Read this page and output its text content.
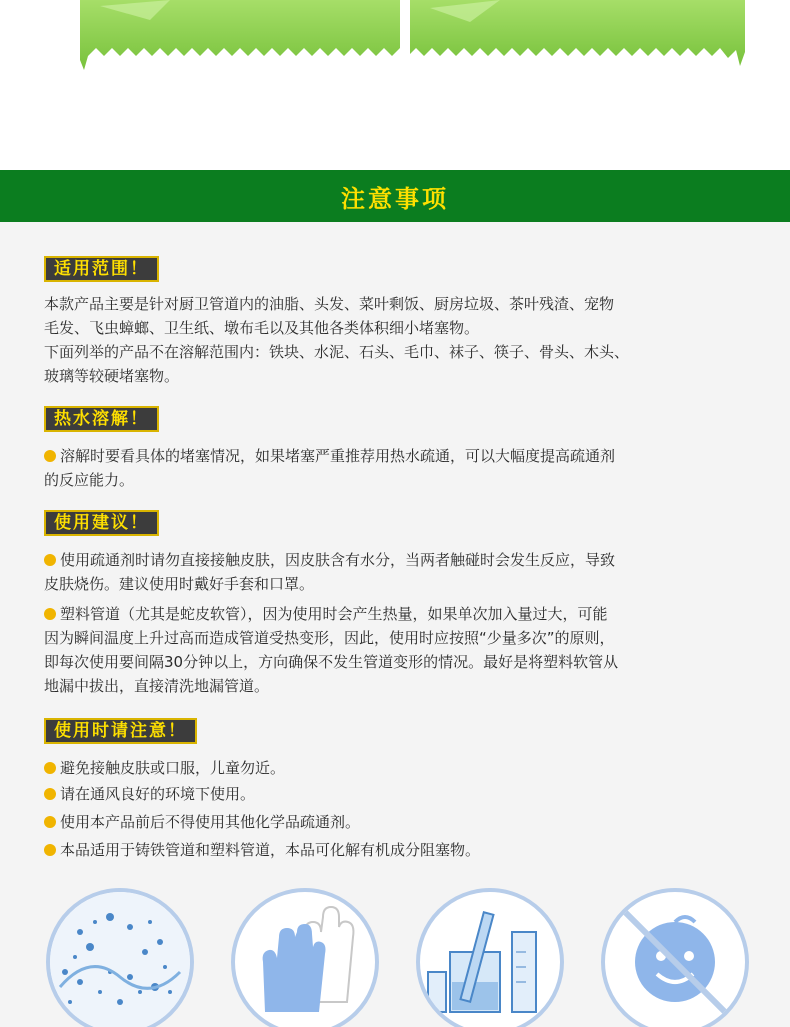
注意事项
适用范围！
本款产品主要是针对厨卫管道内的油脂、头发、菜叶剩饭、厨房垃圾、茶叶残渣、宠物
毛发、飞虫蟑螂、卫生纸、墩布毛以及其他各类体积细小堵塞物。
下面列举的产品不在溶解范围内：铁块、水泥、石头、毛巾、袜子、筷子、骨头、木头、
玻璃等较硬堵塞物。
热水溶解！
溶解时要看具体的堵塞情况，如果堵塞严重推荐用热水疏通，可以大幅度提高疏通剂
的反应能力。
使用建议！
使用疏通剂时请勿直接接触皮肤，因皮肤含有水分，当两者触碰时会发生反应，导致
皮肤烧伤。建议使用时戴好手套和口罩。
塑料管道（尤其是蛇皮软管），因为使用时会产生热量，如果单次加入量过大，可能
因为瞬间温度上升过高而造成管道受热变形，因此，使用时应按照“少量多次”的原则，
即每次使用要间隔30分钟以上，方向确保不发生管道变形的情况。最好是将塑料软管从
地漏中拔出，直接清洗地漏管道。
使用时请注意！
避免接触皮肤或口服，儿童勿近。
请在通风良好的环境下使用。
使用本产品前后不得使用其他化学品疏通剂。
本品适用于铸铁管道和塑料管道，本品可化解有机成分阻塞物。
